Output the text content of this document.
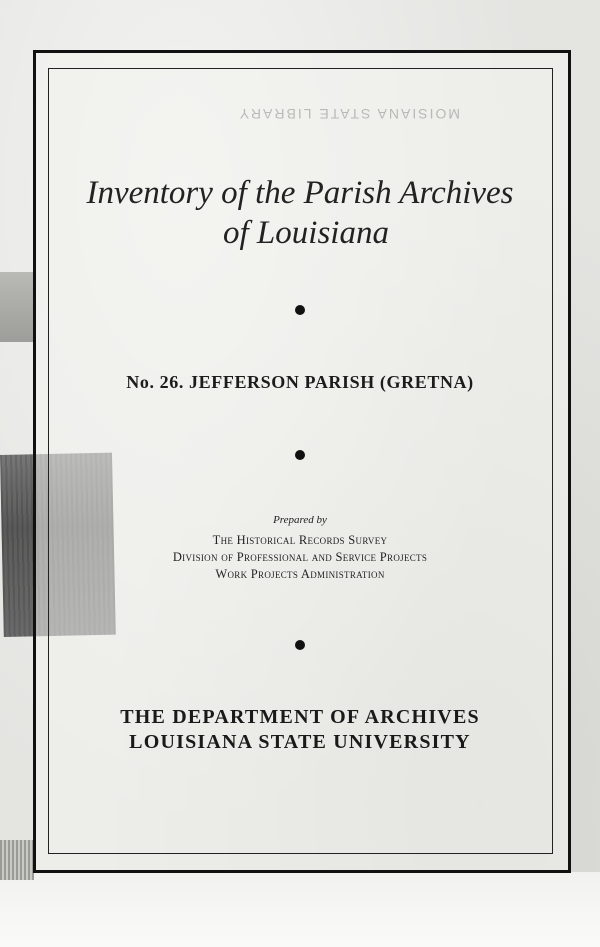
MOISIANA STATE LIBRARY
Inventory of the Parish Archives
of Louisiana
No. 26. JEFFERSON PARISH (GRETNA)
Prepared by
The Historical Records Survey
Division of Professional and Service Projects
Work Projects Administration
THE DEPARTMENT OF ARCHIVES
LOUISIANA STATE UNIVERSITY
